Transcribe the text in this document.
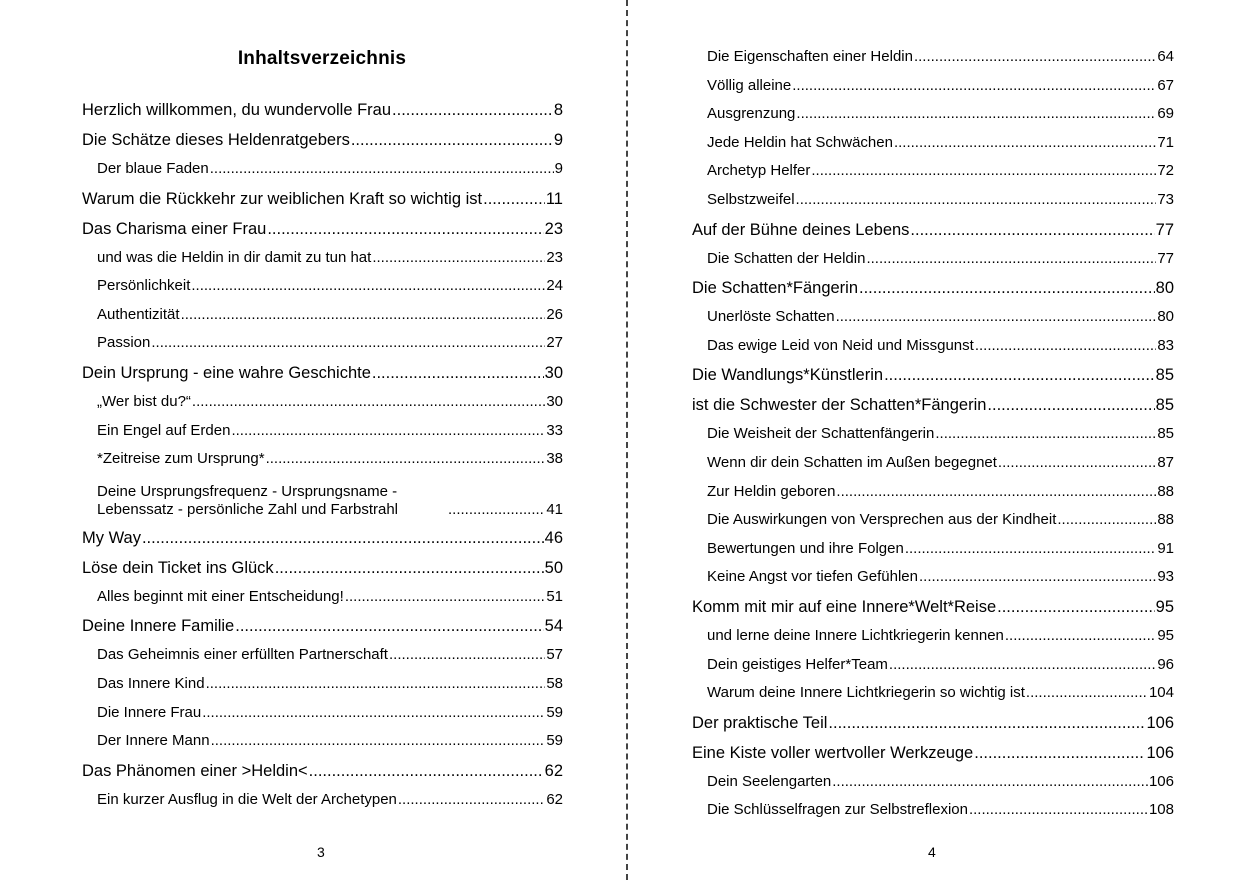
Inhaltsverzeichnis
Herzlich willkommen, du wundervolle Frau .....	8
Die Schätze dieses Heldenratgebers .....	9
Der blaue Faden .....	9
Warum die Rückkehr zur weiblichen Kraft so wichtig ist .....	11
Das Charisma einer Frau .....	23
und was die Heldin in dir damit zu tun hat .....	23
Persönlichkeit .....	24
Authentizität .....	26
Passion .....	27
Dein Ursprung - eine wahre Geschichte .....	30
„Wer bist du?“ .....	30
Ein Engel auf Erden .....	33
*Zeitreise zum Ursprung* .....	38
Deine Ursprungsfrequenz - Ursprungsname -
Lebenssatz - persönliche Zahl und Farbstrahl .....	41
My Way .....	46
Löse dein Ticket ins Glück .....	50
Alles beginnt mit einer Entscheidung! .....	51
Deine Innere Familie .....	54
Das Geheimnis einer erfüllten Partnerschaft .....	57
Das Innere Kind .....	58
Die Innere Frau .....	59
Der Innere Mann .....	59
Das Phänomen einer >Heldin< .....	62
Ein kurzer Ausflug in die Welt der Archetypen .....	62
3
Die Eigenschaften einer Heldin .....	64
Völlig alleine .....	67
Ausgrenzung .....	69
Jede Heldin hat Schwächen .....	71
Archetyp Helfer .....	72
Selbstzweifel .....	73
Auf der Bühne deines Lebens .....	77
Die Schatten der Heldin .....	77
Die Schatten*Fängerin .....	80
Unerlöste Schatten .....	80
Das ewige Leid von Neid und Missgunst .....	83
Die Wandlungs*Künstlerin .....	85
ist die Schwester der Schatten*Fängerin .....	85
Die Weisheit der Schattenfängerin .....	85
Wenn dir dein Schatten im Außen begegnet .....	87
Zur Heldin geboren .....	88
Die Auswirkungen von Versprechen aus der Kindheit .....	88
Bewertungen und ihre Folgen .....	91
Keine Angst vor tiefen Gefühlen .....	93
Komm mit mir auf eine Innere*Welt*Reise .....	95
und lerne deine Innere Lichtkriegerin kennen .....	95
Dein geistiges Helfer*Team .....	96
Warum deine Innere Lichtkriegerin so wichtig ist .....	104
Der praktische Teil .....	106
Eine Kiste voller wertvoller Werkzeuge .....	106
Dein Seelengarten .....	106
Die Schlüsselfragen zur Selbstreflexion .....	108
4
